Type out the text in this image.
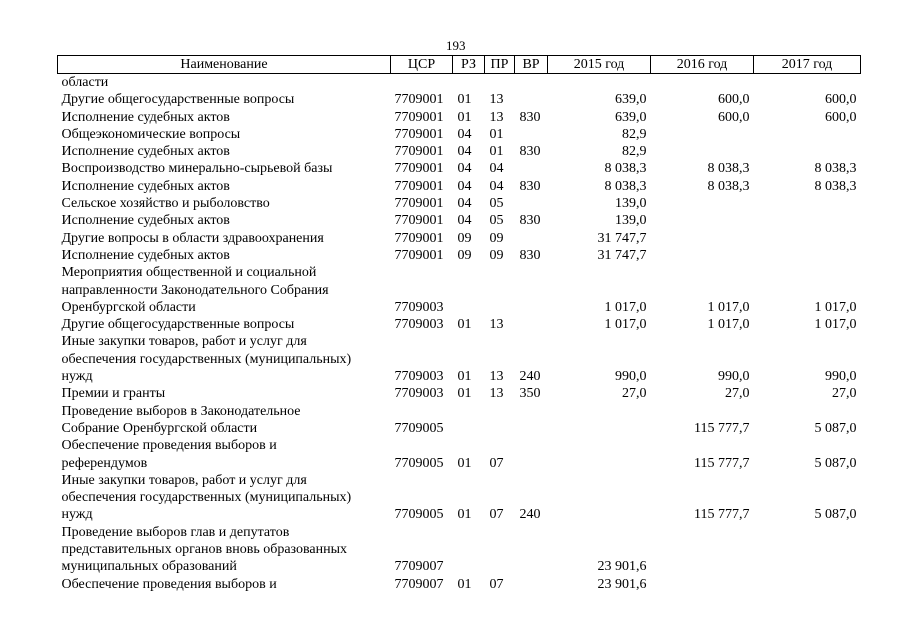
193
Наименование	ЦСР	РЗ	ПР	ВР	2015 год	2016 год	2017 год

области							

Другие общегосударственные вопросы	7709001	01	13		639,0	600,0	600,0

Исполнение судебных актов	7709001	01	13	830	639,0	600,0	600,0

Общеэкономические вопросы	7709001	04	01		82,9		

Исполнение судебных актов	7709001	04	01	830	82,9		

Воспроизводство минерально-сырьевой базы	7709001	04	04		8 038,3	8 038,3	8 038,3

Исполнение судебных актов	7709001	04	04	830	8 038,3	8 038,3	8 038,3

Сельское хозяйство и рыболовство	7709001	04	05		139,0		

Исполнение судебных актов	7709001	04	05	830	139,0		

Другие вопросы в области здравоохранения	7709001	09	09		31 747,7		

Исполнение судебных актов	7709001	09	09	830	31 747,7		

Мероприятия общественной и социальной
направленности Законодательного Собрания
Оренбургской области	7709003				1 017,0	1 017,0	1 017,0

Другие общегосударственные вопросы	7709003	01	13		1 017,0	1 017,0	1 017,0

Иные закупки товаров, работ и услуг для
обеспечения государственных (муниципальных)
нужд	7709003	01	13	240	990,0	990,0	990,0

Премии и гранты	7709003	01	13	350	27,0	27,0	27,0

Проведение выборов в Законодательное
Собрание Оренбургской области	7709005					115 777,7	5 087,0

Обеспечение проведения выборов и
референдумов	7709005	01	07			115 777,7	5 087,0

Иные закупки товаров, работ и услуг для
обеспечения государственных (муниципальных)
нужд	7709005	01	07	240		115 777,7	5 087,0

Проведение выборов глав и депутатов
представительных органов вновь образованных
муниципальных образований	7709007				23 901,6		

Обеспечение проведения выборов и	7709007	01	07		23 901,6		
